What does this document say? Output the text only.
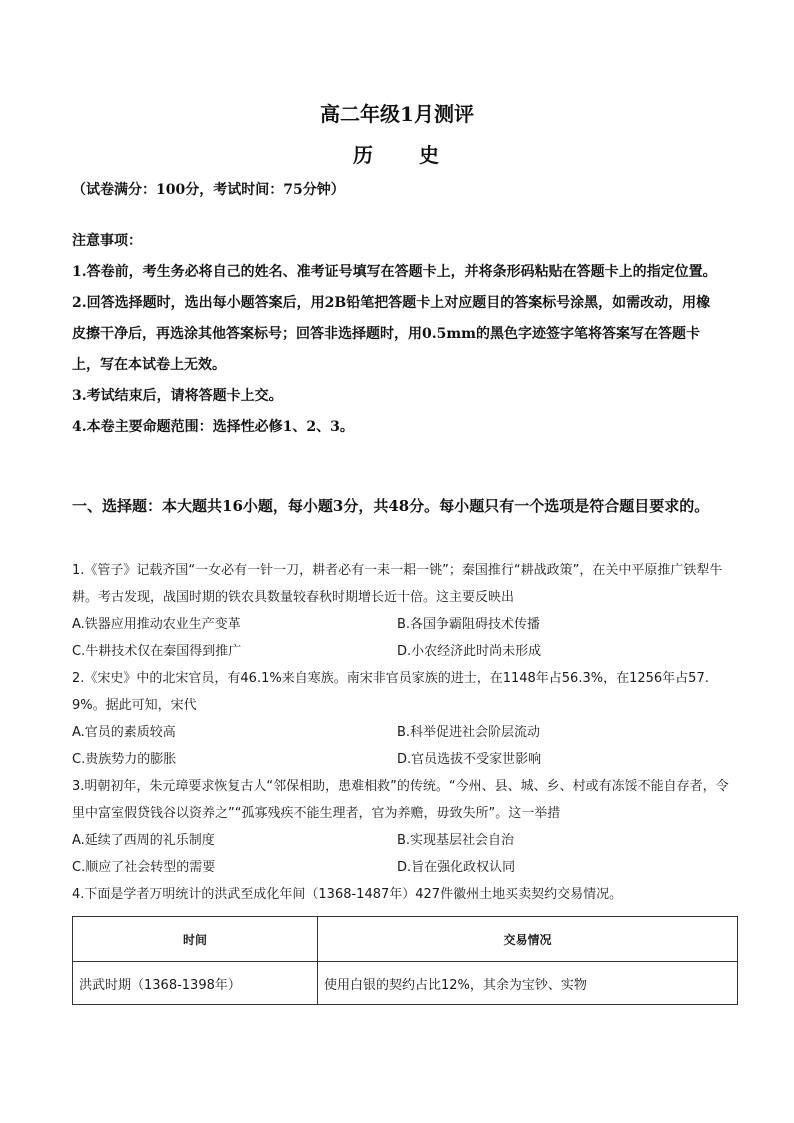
高二年级1月测评
历　　史
（试卷满分：100分，考试时间：75分钟）
注意事项：

1.答卷前，考生务必将自己的姓名、准考证号填写在答题卡上，并将条形码粘贴在答题卡上的指定位置。

2.回答选择题时，选出每小题答案后，用2B铅笔把答题卡上对应题目的答案标号涂黑，如需改动，用橡皮擦干净后，再选涂其他答案标号；回答非选择题时，用0.5mm的黑色字迹签字笔将答案写在答题卡上，写在本试卷上无效。

3.考试结束后，请将答题卡上交。

4.本卷主要命题范围：选择性必修1、2、3。

一、选择题：本大题共16小题，每小题3分，共48分。每小题只有一个选项是符合题目要求的。

1.《管子》记载齐国“一女必有一针一刀，耕者必有一耒一耜一铫”；秦国推行“耕战政策”，在关中平原推广铁犁牛耕。考古发现，战国时期的铁农具数量较春秋时期增长近十倍。这主要反映出

A.铁器应用推动农业生产变革	B.各国争霸阻碍技术传播
C.牛耕技术仅在秦国得到推广	D.小农经济此时尚未形成

2.《宋史》中的北宋官员，有46.1%来自寒族。南宋非官员家族的进士，在1148年占56.3%，在1256年占57.9%。据此可知，宋代

A.官员的素质较高	B.科举促进社会阶层流动
C.贵族势力的膨胀	D.官员选拔不受家世影响

3.明朝初年，朱元璋要求恢复古人“邻保相助，患难相救”的传统。“今州、县、城、乡、村或有冻馁不能自存者，令里中富室假贷钱谷以资养之”“孤寡残疾不能生理者，官为养赡，毋致失所”。这一举措

A.延续了西周的礼乐制度	B.实现基层社会自治
C.顺应了社会转型的需要	D.旨在强化政权认同

4.下面是学者万明统计的洪武至成化年间（1368-1487年）427件徽州土地买卖契约交易情况。

时间	交易情况
洪武时期（1368-1398年）	使用白银的契约占比12%，其余为宝钞、实物
